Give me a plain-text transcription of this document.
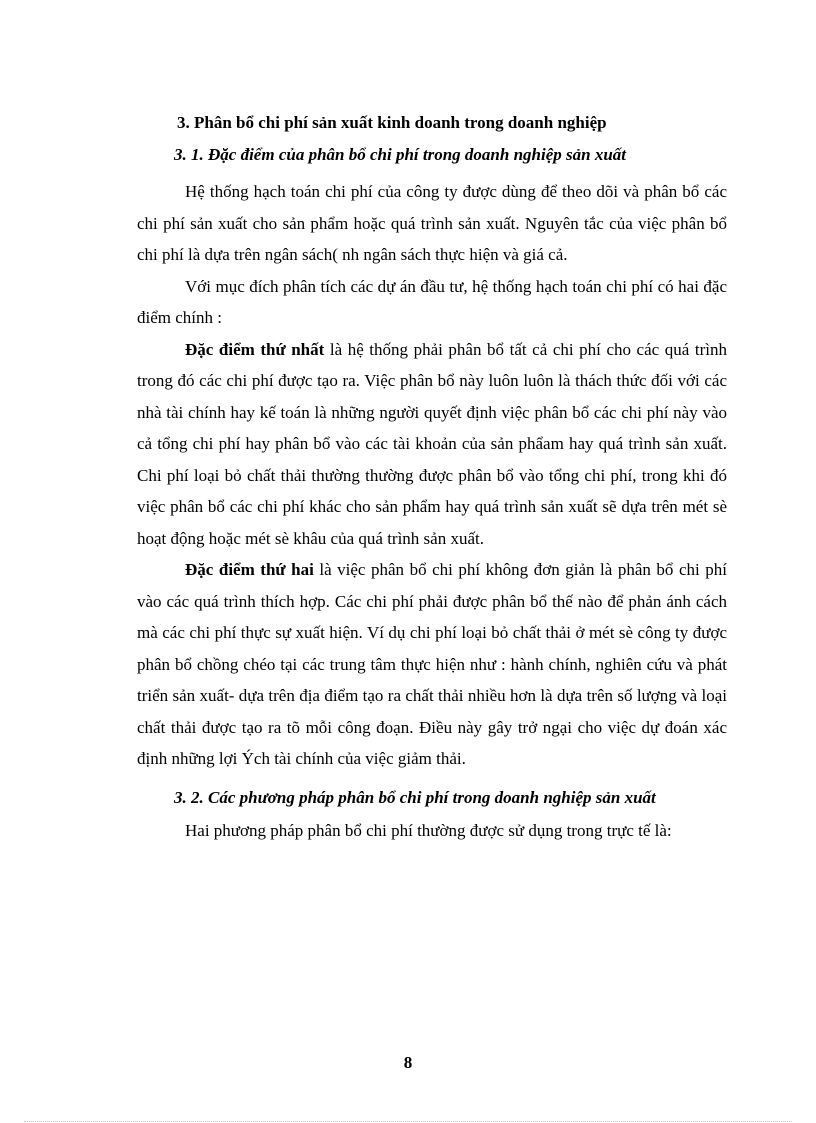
3. Phân bổ chi phí sản xuất kinh doanh trong doanh nghiệp
3. 1. Đặc điểm của phân bổ chi phí trong doanh nghiệp sản xuất

Hệ thống hạch toán chi phí của công ty được dùng để theo dõi và phân bổ các chi phí sản xuất cho sản phẩm hoặc quá trình sản xuất. Nguyên tắc của việc phân bổ chi phí là dựa trên ngân sách( nh ngân sách thực hiện và giá cả.

Với mục đích phân tích các dự án đầu tư, hệ thống hạch toán chi phí có hai đặc điểm chính :

Đặc điểm thứ nhất là hệ thống phải phân bổ tất cả chi phí cho các quá trình trong đó các chi phí được tạo ra. Việc phân bổ này luôn luôn là thách thức đối với các nhà tài chính hay kế toán là những người quyết định việc phân bổ các chi phí này vào cả tổng chi phí hay phân bổ vào các tài khoản của sản phẩam hay quá trình sản xuất. Chi phí loại bỏ chất thải thường thường được phân bổ vào tổng chi phí, trong khi đó việc phân bổ các chi phí khác cho sản phẩm hay quá trình sản xuất sẽ dựa trên mét sè hoạt động hoặc mét sè khâu của quá trình sản xuất.

Đặc điểm thứ hai là việc phân bổ chi phí không đơn giản là phân bổ chi phí vào các quá trình thích hợp. Các chi phí phải được phân bổ thế nào để phản ánh cách mà các chi phí thực sự xuất hiện. Ví dụ chi phí loại bỏ chất thải ở mét sè công ty được phân bổ chồng chéo tại các trung tâm thực hiện như : hành chính, nghiên cứu và phát triển sản xuất- dựa trên địa điểm tạo ra chất thải nhiều hơn là dựa trên số lượng và loại chất thải được tạo ra tõ mỗi công đoạn. Điều này gây trở ngại cho việc dự đoán xác định những lợi Ých tài chính của việc giảm thải.

3. 2. Các phương pháp phân bổ chi phí trong doanh nghiệp sản xuất

Hai phương pháp phân bổ chi phí thường được sử dụng trong trực tế là:

8
